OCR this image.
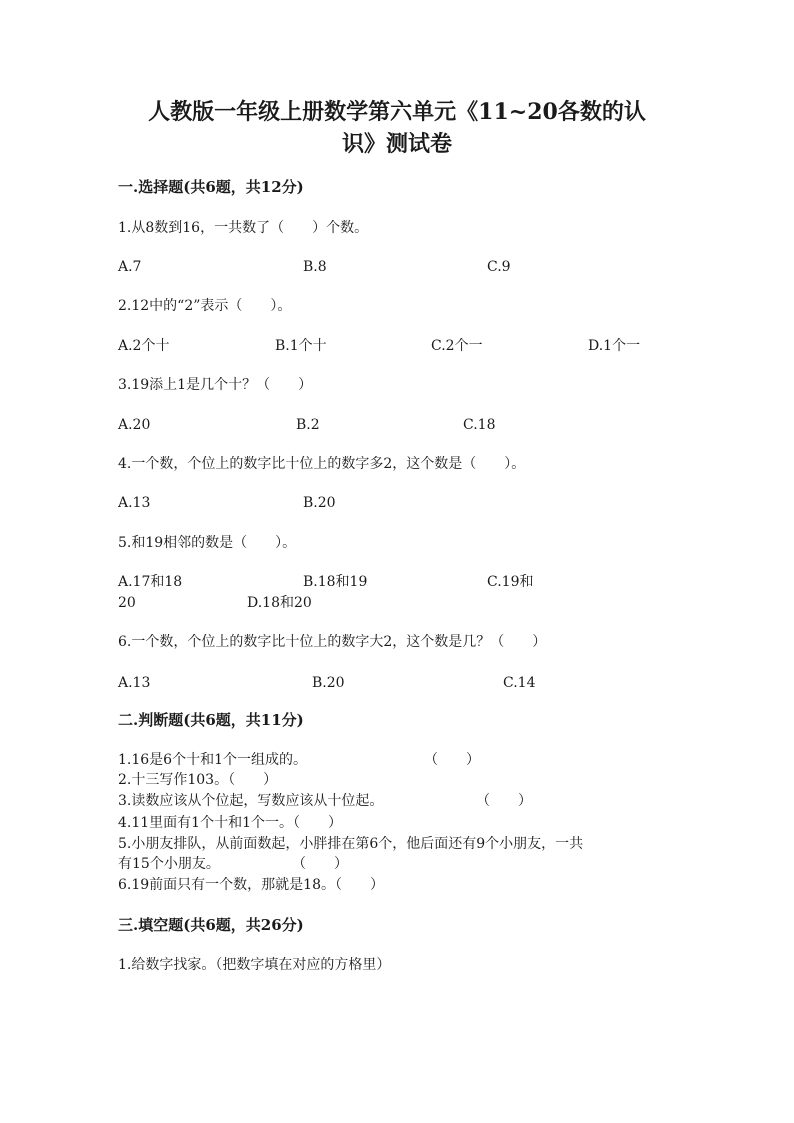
人教版一年级上册数学第六单元《11~20各数的认
识》测试卷
一.选择题(共6题，共12分)
1.从8数到16，一共数了（　　）个数。
A.7	B.8	C.9
2.12中的“2”表示（　　）。
A.2个十	B.1个十	C.2个一	D.1个一
3.19添上1是几个十？（　　）
A.20	B.2	C.18
4.一个数，个位上的数字比十位上的数字多2，这个数是（　　）。
A.13	B.20
5.和19相邻的数是（　　）。
A.17和18	B.18和19	C.19和
20	D.18和20
6.一个数，个位上的数字比十位上的数字大2，这个数是几？（　　）
A.13	B.20	C.14
二.判断题(共6题，共11分)
1.16是6个十和1个一组成的。	（　　）
2.十三写作103。（　　）
3.读数应该从个位起，写数应该从十位起。	（　　）
4.11里面有1个十和1个一。（　　）
5.小朋友排队，从前面数起，小胖排在第6个，他后面还有9个小朋友，一共
有15个小朋友。	（　　）
6.19前面只有一个数，那就是18。（　　）
三.填空题(共6题，共26分)
1.给数字找家。（把数字填在对应的方格里）
